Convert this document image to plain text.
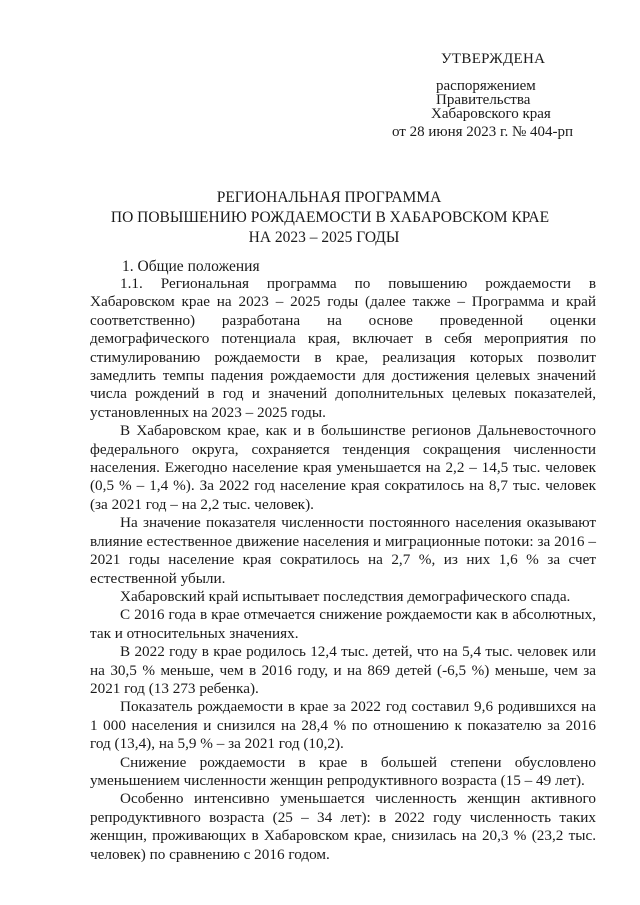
УТВЕРЖДЕНА
распоряжением
Правительства
Хабаровского края
от 28 июня 2023 г. № 404-рп
РЕГИОНАЛЬНАЯ ПРОГРАММА
ПО ПОВЫШЕНИЮ РОЖДАЕМОСТИ В ХАБАРОВСКОМ КРАЕ
НА 2023 – 2025 ГОДЫ
1. Общие положения

1.1. Региональная программа по повышению рождаемости в Хабаровском крае на 2023 – 2025 годы (далее также – Программа и край соответственно) разработана на основе проведенной оценки демографического потенциала края, включает в себя мероприятия по стимулированию рождаемости в крае, реализация которых позволит замедлить темпы падения рождаемости для достижения целевых значений числа рождений в год и значений дополнительных целевых показателей, установленных на 2023 – 2025 годы.

В Хабаровском крае, как и в большинстве регионов Дальневосточного федерального округа, сохраняется тенденция сокращения численности населения. Ежегодно население края уменьшается на 2,2 – 14,5 тыс. человек (0,5 % – 1,4 %). За 2022 год население края сократилось на 8,7 тыс. человек (за 2021 год – на 2,2 тыс. человек).

На значение показателя численности постоянного населения оказывают влияние естественное движение населения и миграционные потоки: за 2016 – 2021 годы население края сократилось на 2,7 %, из них 1,6 % за счет естественной убыли.

Хабаровский край испытывает последствия демографического спада.

С 2016 года в крае отмечается снижение рождаемости как в абсолютных, так и относительных значениях.

В 2022 году в крае родилось 12,4 тыс. детей, что на 5,4 тыс. человек или на 30,5 % меньше, чем в 2016 году, и на 869 детей (-6,5 %) меньше, чем за 2021 год (13 273 ребенка).

Показатель рождаемости в крае за 2022 год составил 9,6 родившихся на 1 000 населения и снизился на 28,4 % по отношению к показателю за 2016 год (13,4), на 5,9 % – за 2021 год (10,2).

Снижение рождаемости в крае в большей степени обусловлено уменьшением численности женщин репродуктивного возраста (15 – 49 лет).

Особенно интенсивно уменьшается численность женщин активного репродуктивного возраста (25 – 34 лет): в 2022 году численность таких женщин, проживающих в Хабаровском крае, снизилась на 20,3 % (23,2 тыс. человек) по сравнению с 2016 годом.
